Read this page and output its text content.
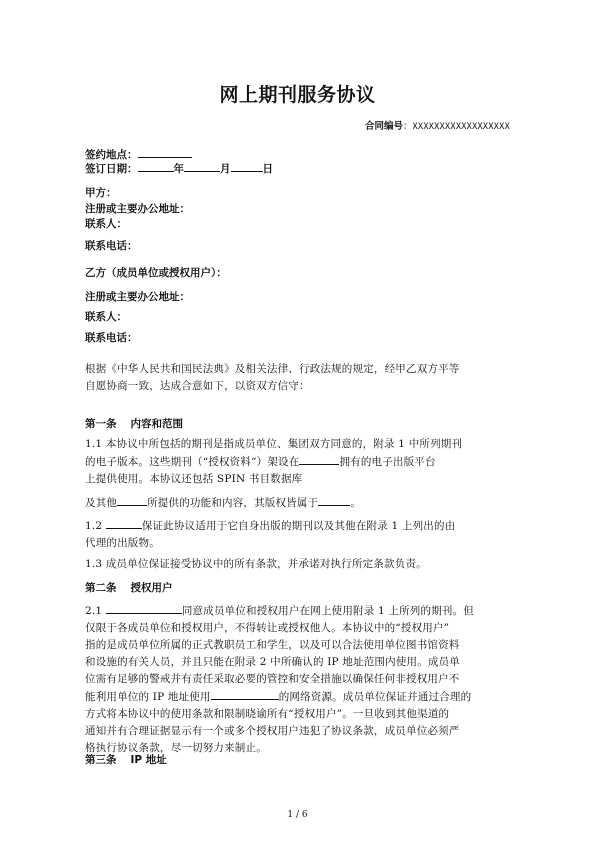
网上期刊服务协议
合同编号：XXXXXXXXXXXXXXXXXX
签约地点：
签订日期：	年	月	日
甲方：
注册或主要办公地址：
联系人：
联系电话：
乙方（成员单位或授权用户）：
注册或主要办公地址：
联系人：
联系电话：
根据《中华人民共和国民法典》及相关法律、行政法规的规定，经甲乙双方平等
自愿协商一致，达成合意如下，以资双方信守：
第一条 内容和范围
1.1 本协议中所包括的期刊是指成员单位、集团双方同意的，附录 1 中所列期刊
的电子版本。这些期刊（“授权资料”）架设在	拥有的电子出版平台
上提供使用。本协议还包括 SPIN 书目数据库
及其他	所提供的功能和内容，其版权皆属于	。
1.2	保证此协议适用于它自身出版的期刊以及其他在附录 1 上列出的由
代理的出版物。
1.3 成员单位保证接受协议中的所有条款，并承诺对执行所定条款负责。
第二条 授权用户
2.1	同意成员单位和授权用户在网上使用附录 1 上所列的期刊。但
仅限于各成员单位和授权用户，不得转让或授权他人。本协议中的“授权用户”
指的是成员单位所属的正式教职员工和学生，以及可以合法使用单位图书馆资料
和设施的有关人员，并且只能在附录 2 中所确认的 IP 地址范围内使用。成员单
位需有足够的警戒并有责任采取必要的管控和安全措施以确保任何非授权用户不
能利用单位的 IP 地址使用	的网络资源。成员单位保证并通过合理的
方式将本协议中的使用条款和限制晓谕所有“授权用户”。一旦收到其他渠道的
通知并有合理证据显示有一个或多个授权用户违犯了协议条款，成员单位必须严
格执行协议条款，尽一切努力来制止。
第三条 IP 地址
1 / 6
